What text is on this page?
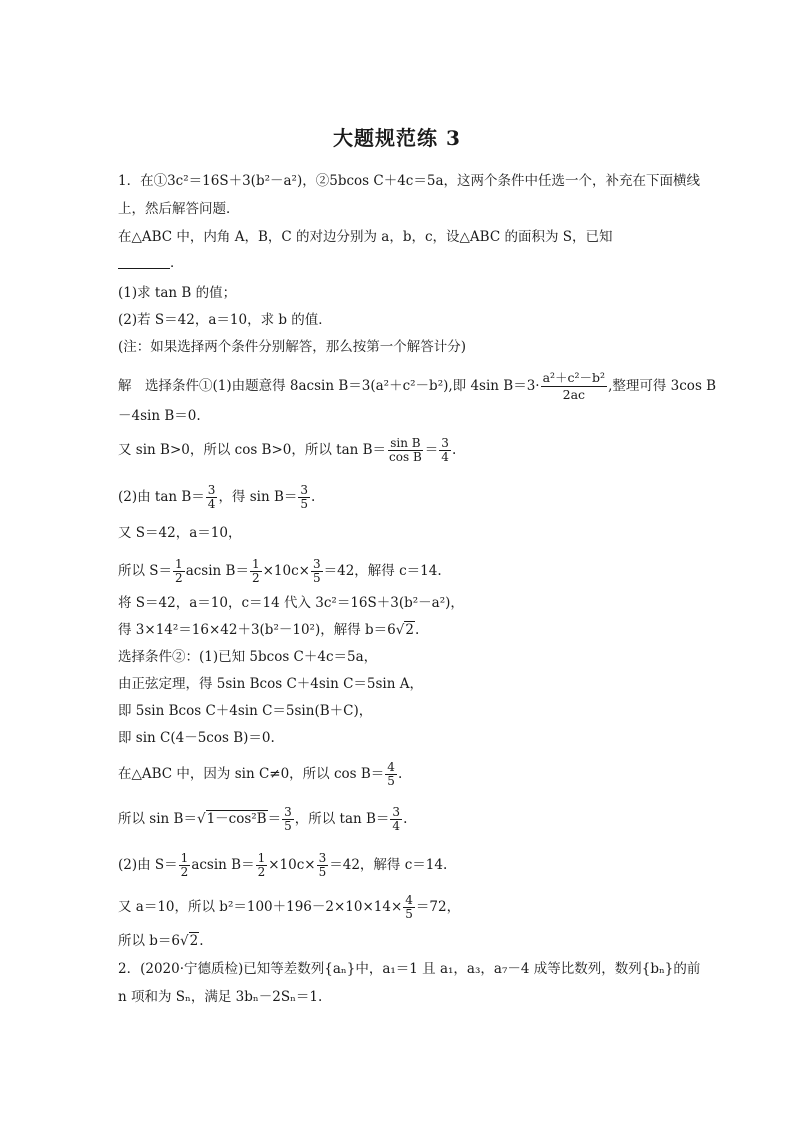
大题规范练 3
1．在①3c²＝16S＋3(b²－a²)，②5bcos C＋4c＝5a，这两个条件中任选一个，补充在下面横线
上，然后解答问题．
在△ABC 中，内角 A，B，C 的对边分别为 a，b，c，设△ABC 的面积为 S，已知
．
(1)求 tan B 的值；
(2)若 S＝42，a＝10，求 b 的值．
(注：如果选择两个条件分别解答，那么按第一个解答计分)
解　选择条件①(1)由题意得 8acsin B＝3(a²＋c²－b²),即 4sin $B=3\cdot \frac{\text{a²＋c²－b²}}{2ac}$ ,整理可得 3cos B
－4sin B＝0.
又 sin B>0，所以 cos B>0，所以 $\tan B= \frac{\text{sin B}}{\text{cos B}} = \frac{3}{4}$ .
(2)由 $\tan B= \frac{3}{4}$ ，得 $\sin B= \frac{3}{5}$ .
又 S＝42，a＝10，
所以 $S= \frac{1}{2}$ acsin $B= \frac{1}{2} \times 10c\times \frac{3}{5} =42$，解得 c＝14.
将 S＝42，a＝10，c＝14 代入 3c²＝16S＋3(b²－a²)，
得 3×14²＝16×42＋3(b²－10²)，解得 b＝6√2.
选择条件②：(1)已知 5bcos C＋4c＝5a，
由正弦定理，得 5sin Bcos C＋4sin C＝5sin A，
即 5sin Bcos C＋4sin C＝5sin(B＋C)，
即 sin C(4－5cos B)＝0.
在△ABC 中，因为 sin C≠0，所以 $\cos B= \frac{4}{5}$ .
所以 $\sin B=√1-\cos^2B= \frac{3}{5}$ ，所以 $\tan B= \frac{3}{4}$ .
(2)由 $S= \frac{1}{2}$ acsin $B= \frac{1}{2} \times 10c\times \frac{3}{5} =42$，解得 c＝14.
又 a＝10，所以 $b^2=100+196-2\times 10\times 14\times \frac{4}{5} =72$，
所以 b＝6√2.
2．(2020·宁德质检)已知等差数列{aₙ}中，a₁＝1 且 a₁，a₃，a₇－4 成等比数列，数列{bₙ}的前
n 项和为 Sₙ，满足 3bₙ－2Sₙ＝1.
